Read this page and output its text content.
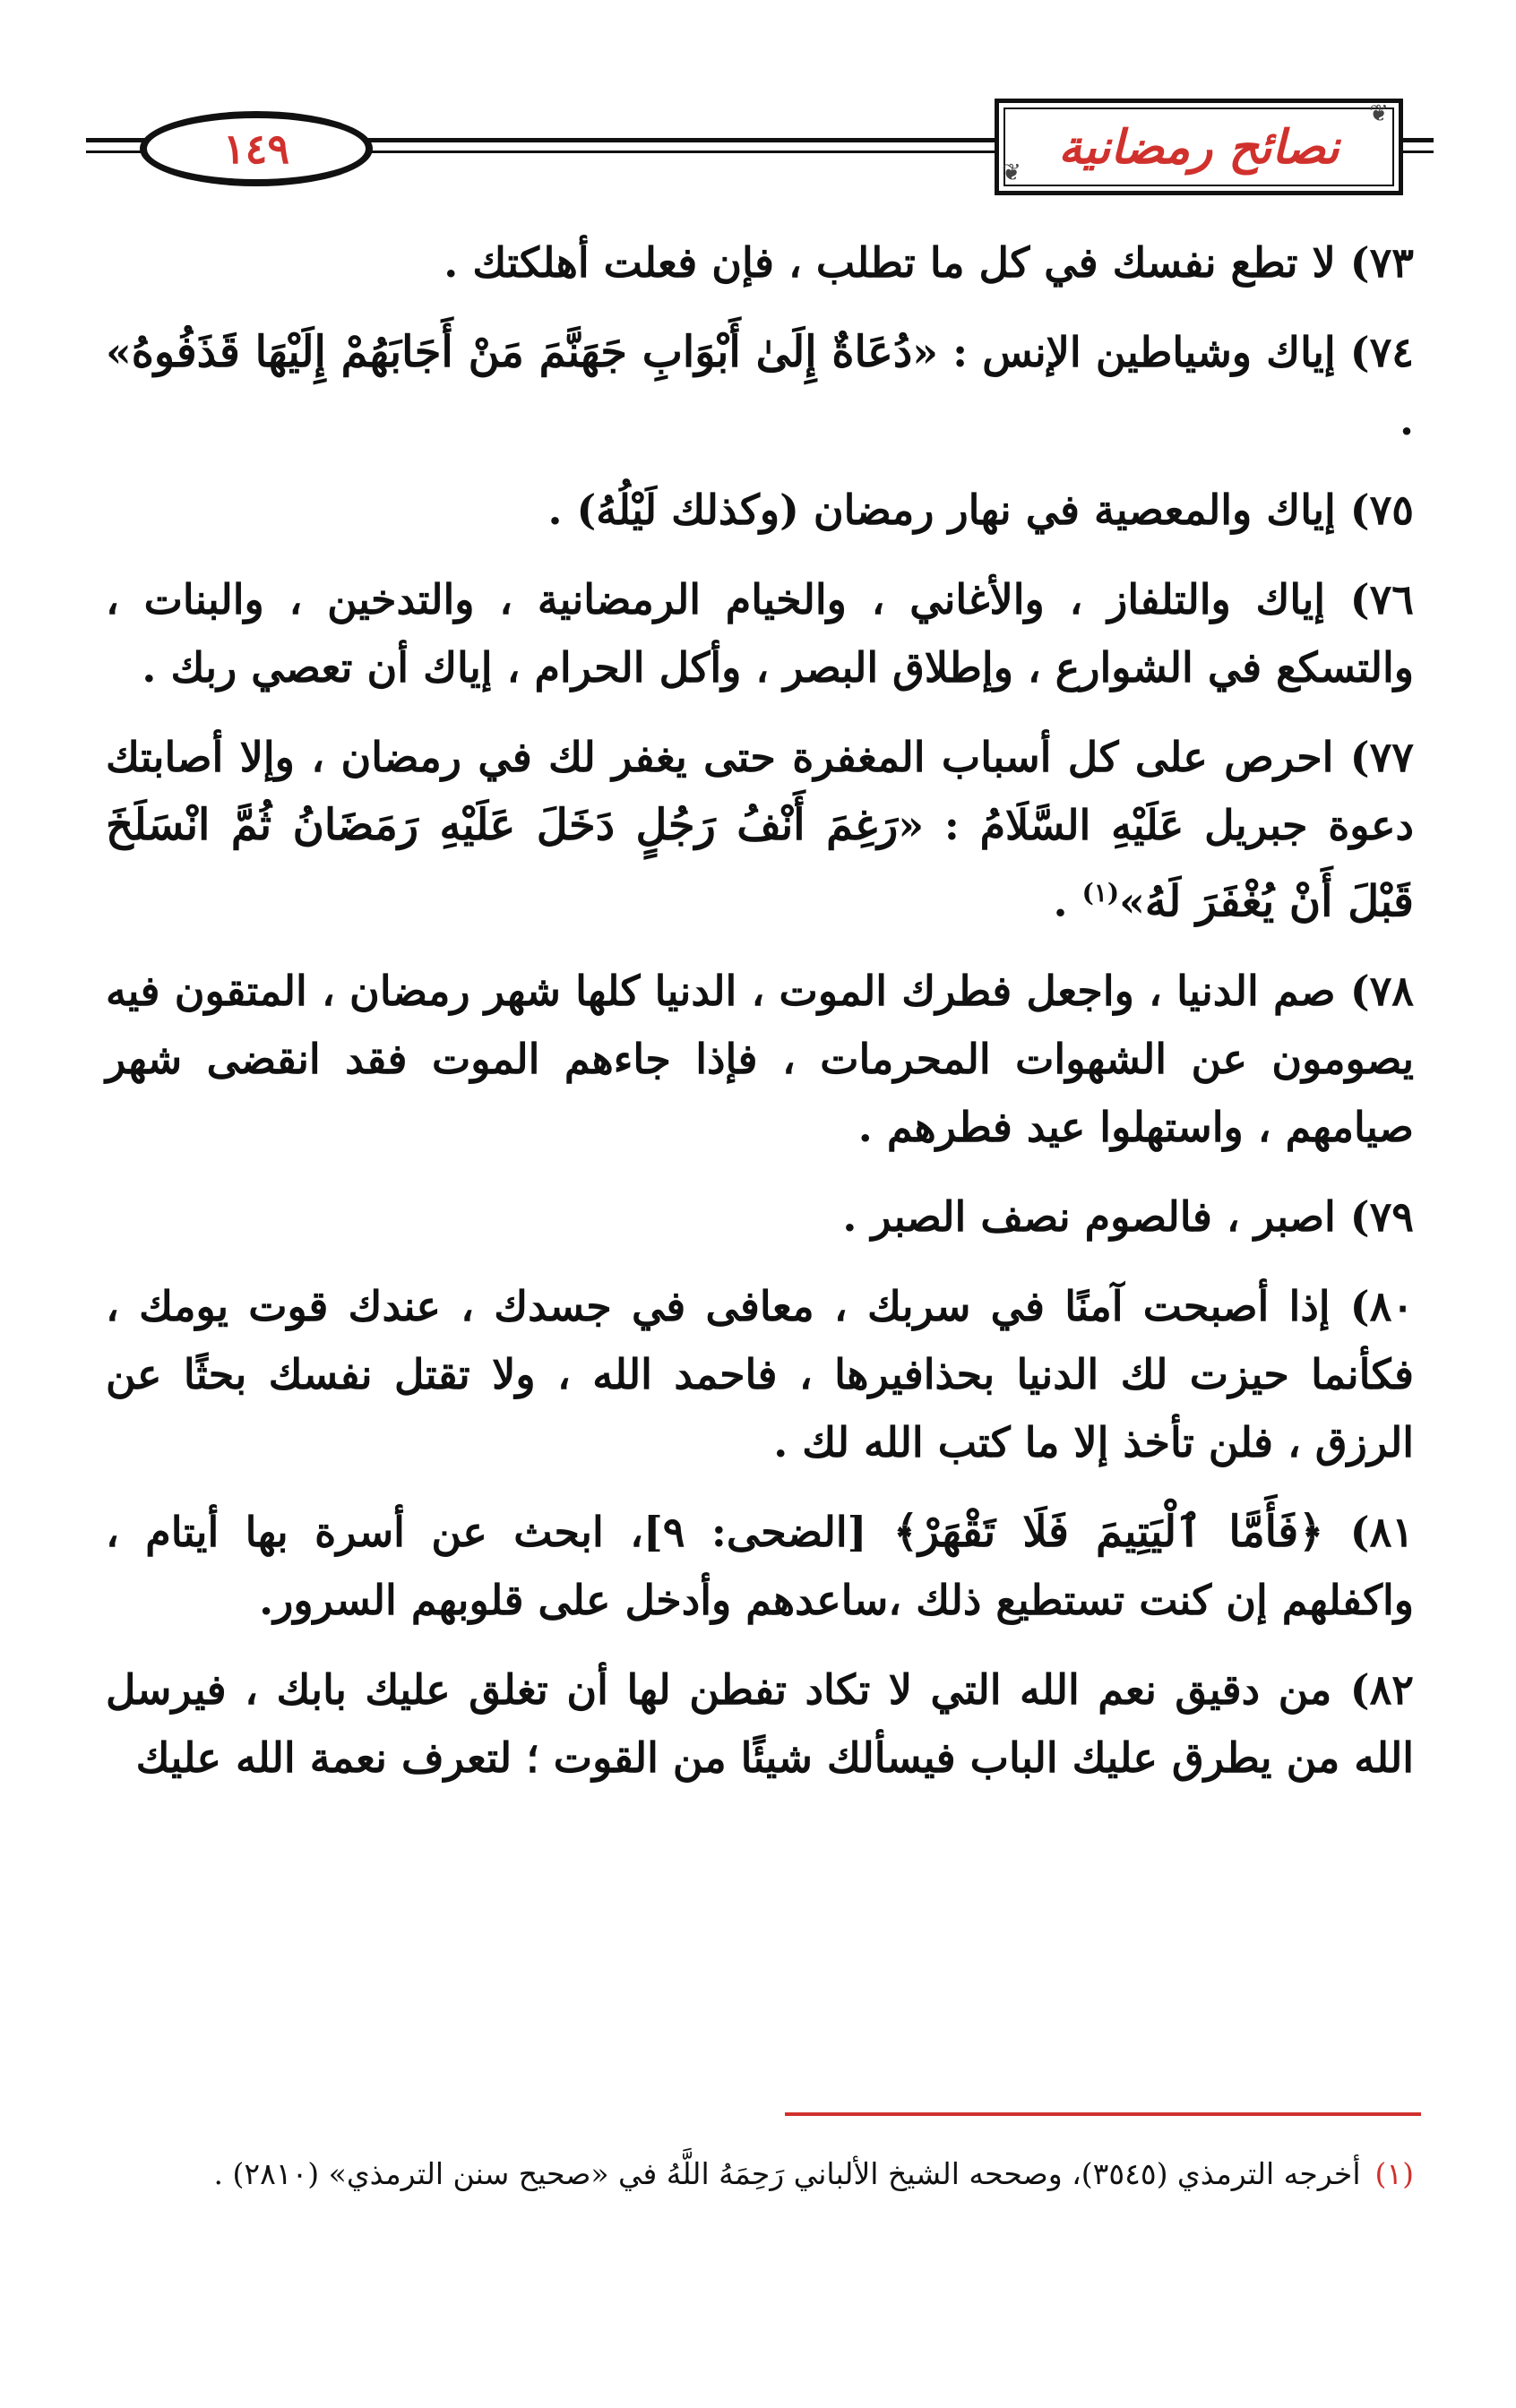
١٤٩	نصائح رمضانية
❦
❦

٧٣) لا تطع نفسك في كل ما تطلب ، فإن فعلت أهلكتك .

٧٤) إياك وشياطين الإنس : «دُعَاةٌ إِلَىٰ أَبْوَابِ جَهَنَّمَ مَنْ أَجَابَهُمْ إِلَيْهَا قَذَفُوهُ» .

٧٥) إياك والمعصية في نهار رمضان (وكذلك لَيْلُهُ) .

٧٦) إياك والتلفاز ، والأغاني ، والخيام الرمضانية ، والتدخين ، والبنات ، والتسكع في الشوارع ، وإطلاق البصر ، وأكل الحرام ، إياك أن تعصي ربك .

٧٧) احرص على كل أسباب المغفرة حتى يغفر لك في رمضان ، وإلا أصابتك دعوة جبريل عَلَيْهِ السَّلَامُ : «رَغِمَ أَنْفُ رَجُلٍ دَخَلَ عَلَيْهِ رَمَضَانُ ثُمَّ انْسَلَخَ قَبْلَ أَنْ يُغْفَرَ لَهُ»$^{(١)}$ .

٧٨) صم الدنيا ، واجعل فطرك الموت ، الدنيا كلها شهر رمضان ، المتقون فيه يصومون عن الشهوات المحرمات ، فإذا جاءهم الموت فقد انقضى شهر صيامهم ، واستهلوا عيد فطرهم .

٧٩) اصبر ، فالصوم نصف الصبر .

٨٠) إذا أصبحت آمنًا في سربك ، معافى في جسدك ، عندك قوت يومك ، فكأنما حيزت لك الدنيا بحذافيرها ، فاحمد الله ، ولا تقتل نفسك بحثًا عن الرزق ، فلن تأخذ إلا ما كتب الله لك .

٨١) ﴿فَأَمَّا ٱلْيَتِيمَ فَلَا تَقْهَرْ﴾ [الضحى: ٩]، ابحث عن أسرة بها أيتام ، واكفلهم إن كنت تستطيع ذلك ،ساعدهم وأدخل على قلوبهم السرور.

٨٢) من دقيق نعم الله التي لا تكاد تفطن لها أن تغلق عليك بابك ، فيرسل الله من يطرق عليك الباب فيسألك شيئًا من القوت ؛ لتعرف نعمة الله عليك

(١)أخرجه الترمذي (٣٥٤٥)، وصححه الشيخ الألباني رَحِمَهُ اللَّهُ في «صحيح سنن الترمذي» (٢٨١٠) .
